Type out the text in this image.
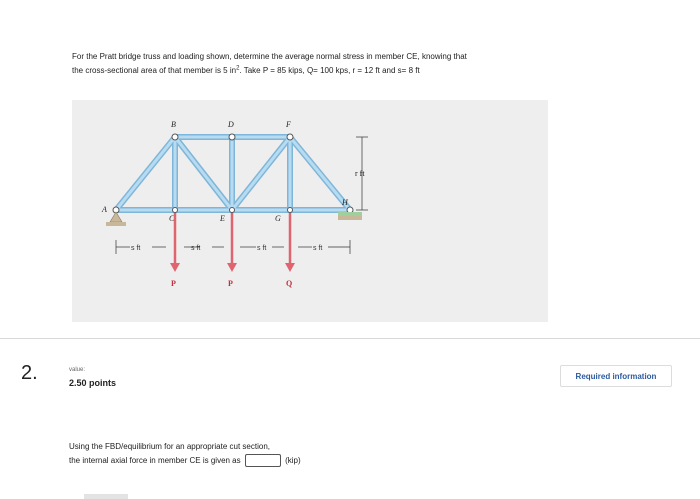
For the Pratt bridge truss and loading shown, determine the average normal stress in member CE, knowing that
the cross-sectional area of that member is 5 $in^2$. Take P = 85 kips, Q= 100 kps, r = 12 ft and s= 8 ft
A
B	D	F
C	E	G
H
r ft
s ft	s ft	s ft	s ft
P	P	Q
2.	value:
2.50 points
Required information
Using the FBD/equilibrium for an appropriate cut section,
the internal axial force in member CE is given as	(kip)
